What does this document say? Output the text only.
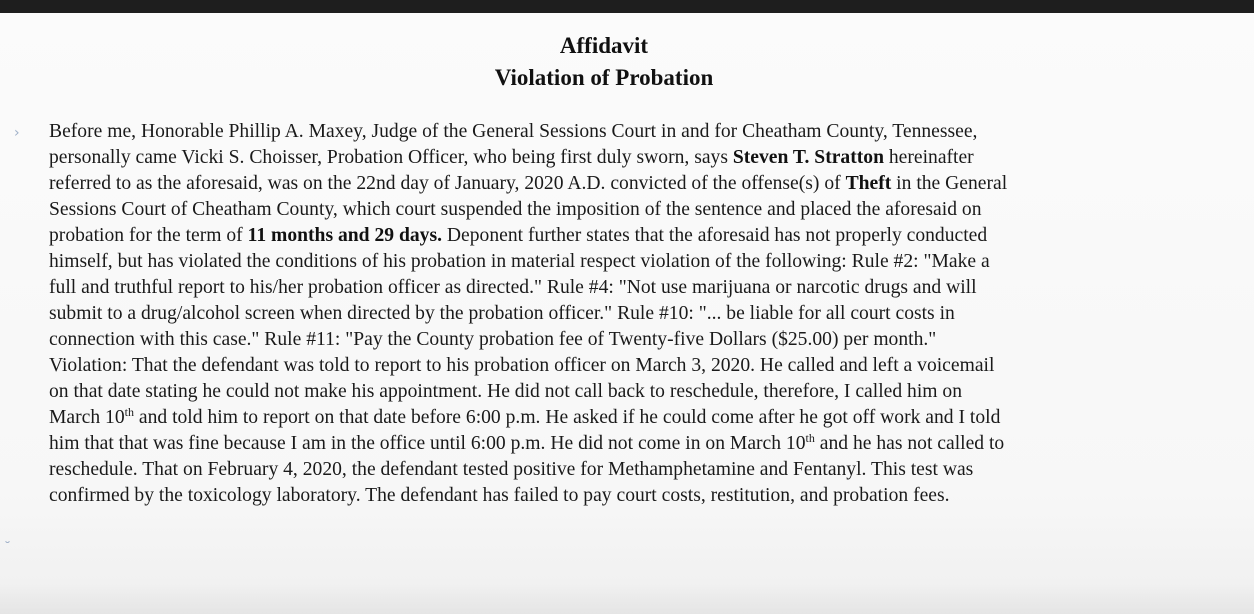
Affidavit
Violation of Probation
Before me, Honorable Phillip A. Maxey, Judge of the General Sessions Court in and for Cheatham County, Tennessee,
personally came Vicki S. Choisser, Probation Officer, who being first duly sworn, says Steven T. Stratton hereinafter
referred to as the aforesaid, was on the 22nd day of January, 2020 A.D. convicted of the offense(s) of Theft in the General
Sessions Court of Cheatham County, which court suspended the imposition of the sentence and placed the aforesaid on
probation for the term of 11 months and 29 days. Deponent further states that the aforesaid has not properly conducted
himself, but has violated the conditions of his probation in material respect violation of the following: Rule #2: "Make a
full and truthful report to his/her probation officer as directed." Rule #4: "Not use marijuana or narcotic drugs and will
submit to a drug/alcohol screen when directed by the probation officer." Rule #10: "... be liable for all court costs in
connection with this case." Rule #11: "Pay the County probation fee of Twenty-five Dollars ($25.00) per month."
Violation: That the defendant was told to report to his probation officer on March 3, 2020. He called and left a voicemail
on that date stating he could not make his appointment. He did not call back to reschedule, therefore, I called him on
March 10th and told him to report on that date before 6:00 p.m. He asked if he could come after he got off work and I told
him that that was fine because I am in the office until 6:00 p.m. He did not come in on March 10th and he has not called to
reschedule. That on February 4, 2020, the defendant tested positive for Methamphetamine and Fentanyl. This test was
confirmed by the toxicology laboratory. The defendant has failed to pay court costs, restitution, and probation fees.
›
˘
